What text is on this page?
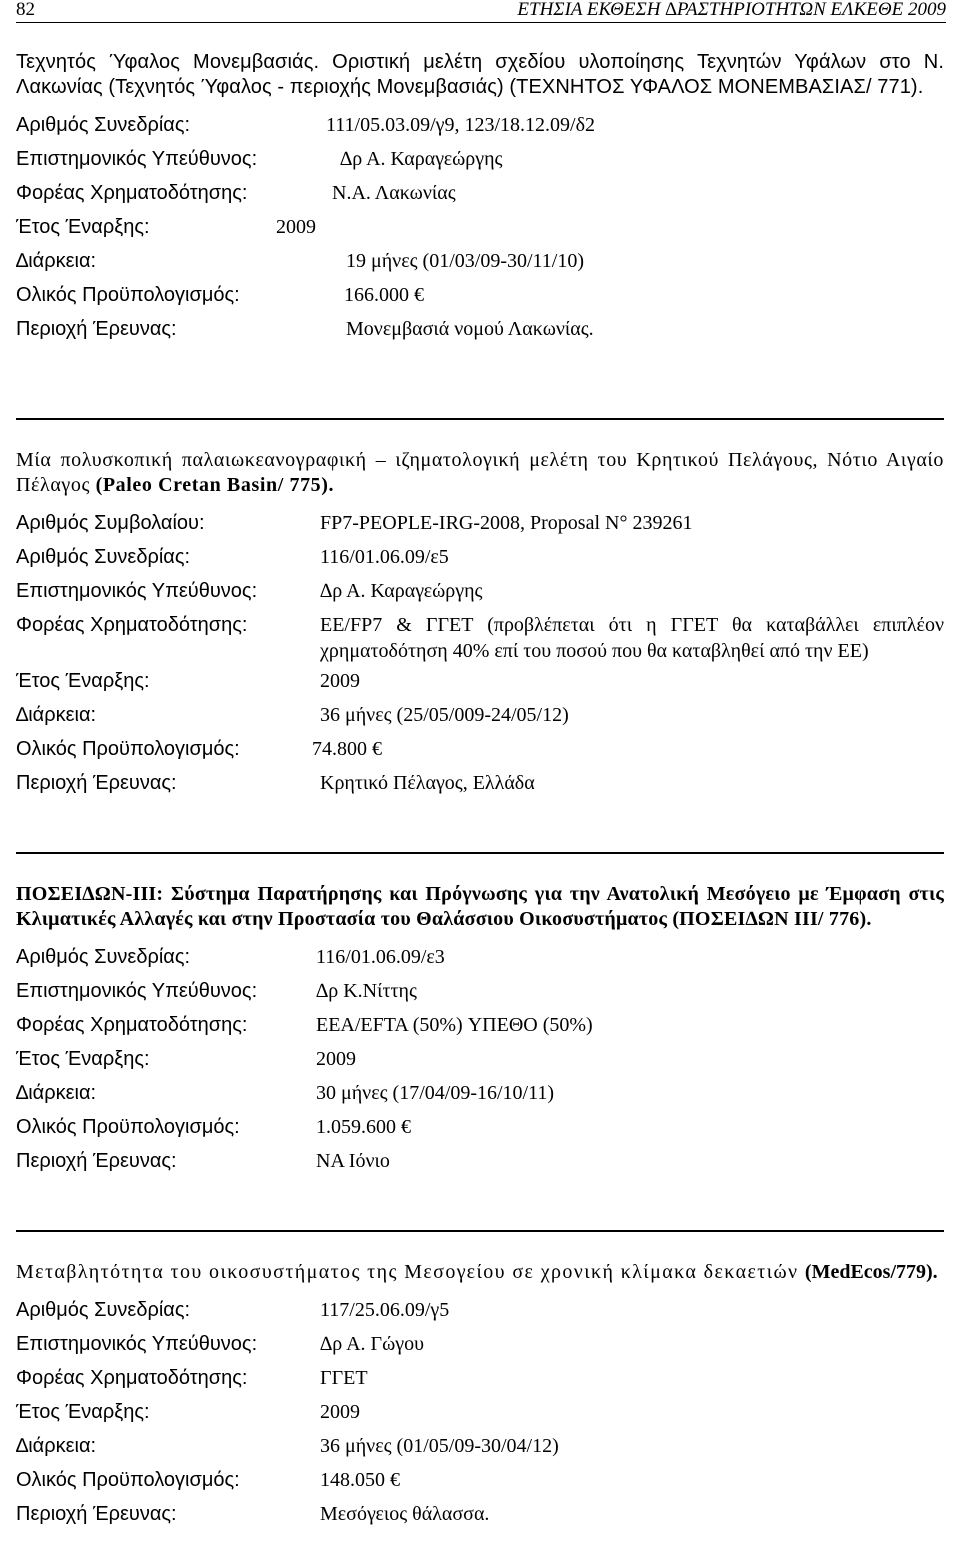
82	ΕΤΗΣΙΑ ΕΚΘΕΣΗ ∆ΡΑΣΤΗΡΙΟΤΗΤΩΝ ΕΛΚΕΘΕ 2009
Τεχνητός Ύφαλος Μονεμβασιάς. Οριστική μελέτη σχεδίου υλοποίησης Τεχνητών Υφάλων στο Ν. Λακωνίας (Τεχνητός Ύφαλος - περιοχής Μονεμβασιάς) (ΤΕΧΝΗΤΟΣ ΥΦΑΛΟΣ ΜΟΝΕΜΒΑΣΙΑΣ/ 771).
Αριθμός Συνεδρίας:	111/05.03.09/γ9, 123/18.12.09/δ2
Επιστημονικός Υπεύθυνος:	∆ρ Α. Καραγεώργης
Φορέας Χρηματοδότησης:	Ν.Α. Λακωνίας
Έτος Έναρξης:	2009
∆ιάρκεια:	19 μήνες (01/03/09-30/11/10)
Ολικός Προϋπολογισμός:	166.000 €
Περιοχή Έρευνας:	Μονεμβασιά νομού Λακωνίας.
Μία πολυσκοπική παλαιωκεανογραφική – ιζηματολογική μελέτη του Κρητικού Πελάγους, Νότιο Αιγαίο Πέλαγος (Paleo Cretan Basin/ 775).
Αριθμός Συμβολαίου:	FP7-PEOPLE-IRG-2008, Proposal N° 239261
Αριθμός Συνεδρίας:	116/01.06.09/ε5
Επιστημονικός Υπεύθυνος:	∆ρ Α. Καραγεώργης
Φορέας Χρηματοδότησης:	ΕΕ/FP7 & ΓΓΕΤ (προβλέπεται ότι η ΓΓΕΤ θα καταβάλλει επιπλέον χρηματοδότηση 40% επί του ποσού που θα καταβληθεί από την ΕΕ)
Έτος Έναρξης:	2009
∆ιάρκεια:	36 μήνες (25/05/009-24/05/12)
Ολικός Προϋπολογισμός:	74.800 €
Περιοχή Έρευνας:	Κρητικό Πέλαγος, Ελλάδα
ΠΟΣΕΙ∆ΩΝ-ΙΙΙ: Σύστημα Παρατήρησης και Πρόγνωσης για την Ανατολική Μεσόγειο με Έμφαση στις Κλιματικές Αλλαγές και στην Προστασία του Θαλάσσιου Οικοσυστήματος (ΠΟΣΕΙ∆ΩΝ ΙΙΙ/ 776).
Αριθμός Συνεδρίας:	116/01.06.09/ε3
Επιστημονικός Υπεύθυνος:	∆ρ Κ.Νίττης
Φορέας Χρηματοδότησης:	ΕΕΑ/ΕFTA (50%) ΥΠΕΘΟ (50%)
Έτος Έναρξης:	2009
∆ιάρκεια:	30 μήνες (17/04/09-16/10/11)
Ολικός Προϋπολογισμός:	1.059.600 €
Περιοχή Έρευνας:	ΝΑ Ιόνιο
Μεταβλητότητα του οικοσυστήματος της Μεσογείου σε χρονική κλίμακα δεκαετιών (MedEcos/779).
Αριθμός Συνεδρίας:	117/25.06.09/γ5
Επιστημονικός Υπεύθυνος:	∆ρ Α. Γώγου
Φορέας Χρηματοδότησης:	ΓΓΕΤ
Έτος Έναρξης:	2009
∆ιάρκεια:	36 μήνες (01/05/09-30/04/12)
Ολικός Προϋπολογισμός:	148.050 €
Περιοχή Έρευνας:	Μεσόγειος θάλασσα.
